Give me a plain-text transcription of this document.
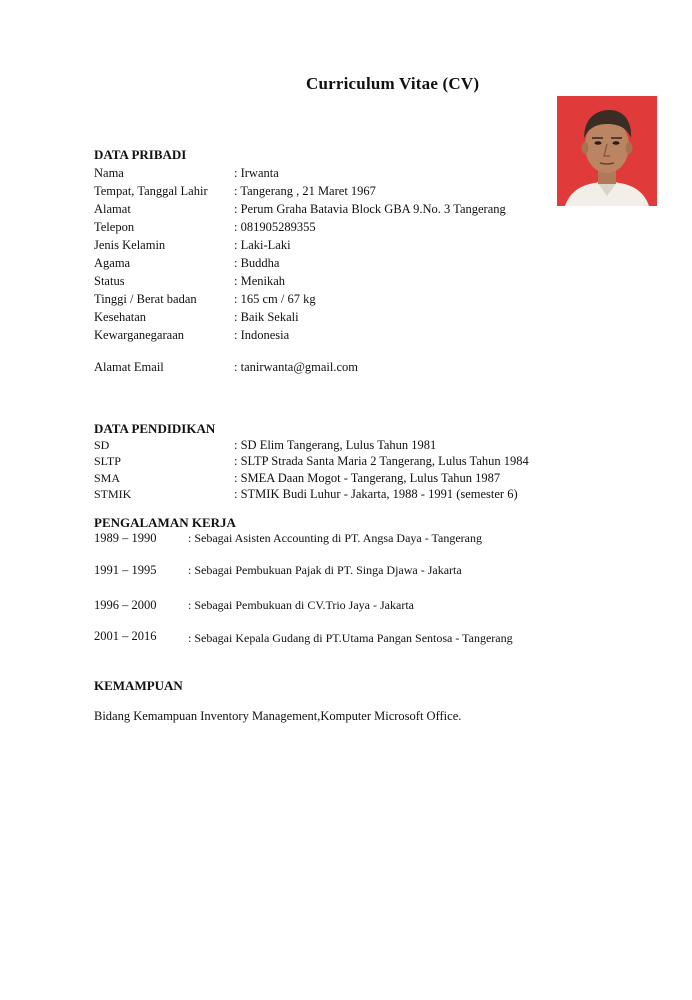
Curriculum Vitae (CV)
DATA PRIBADI
Nama	: Irwanta
Tempat, Tanggal Lahir : Tangerang , 21 Maret 1967
Alamat	: Perum Graha Batavia Block GBA 9.No. 3 Tangerang
Telepon	: 081905289355
Jenis Kelamin	: Laki-Laki
Agama	: Buddha
Status	: Menikah
Tinggi / Berat badan	: 165 cm / 67 kg
Kesehatan	: Baik Sekali
Kewarganegaraan	: Indonesia
Alamat Email	: tanirwanta@gmail.com
DATA PENDIDIKAN
SD	: SD Elim Tangerang, Lulus Tahun 1981
SLTP	: SLTP Strada Santa Maria 2 Tangerang, Lulus Tahun 1984
SMA	: SMEA Daan Mogot - Tangerang, Lulus Tahun 1987
STMIK	: STMIK Budi Luhur - Jakarta, 1988 - 1991 (semester 6)
PENGALAMAN KERJA
1989 – 1990	: Sebagai Asisten Accounting di PT. Angsa Daya - Tangerang
1991 – 1995	: Sebagai Pembukuan Pajak di PT. Singa Djawa - Jakarta
1996 – 2000	: Sebagai Pembukuan di CV.Trio Jaya - Jakarta
2001 – 2016	: Sebagai Kepala Gudang di PT.Utama Pangan Sentosa - Tangerang
KEMAMPUAN
Bidang Kemampuan Inventory Management,Komputer Microsoft Office.
